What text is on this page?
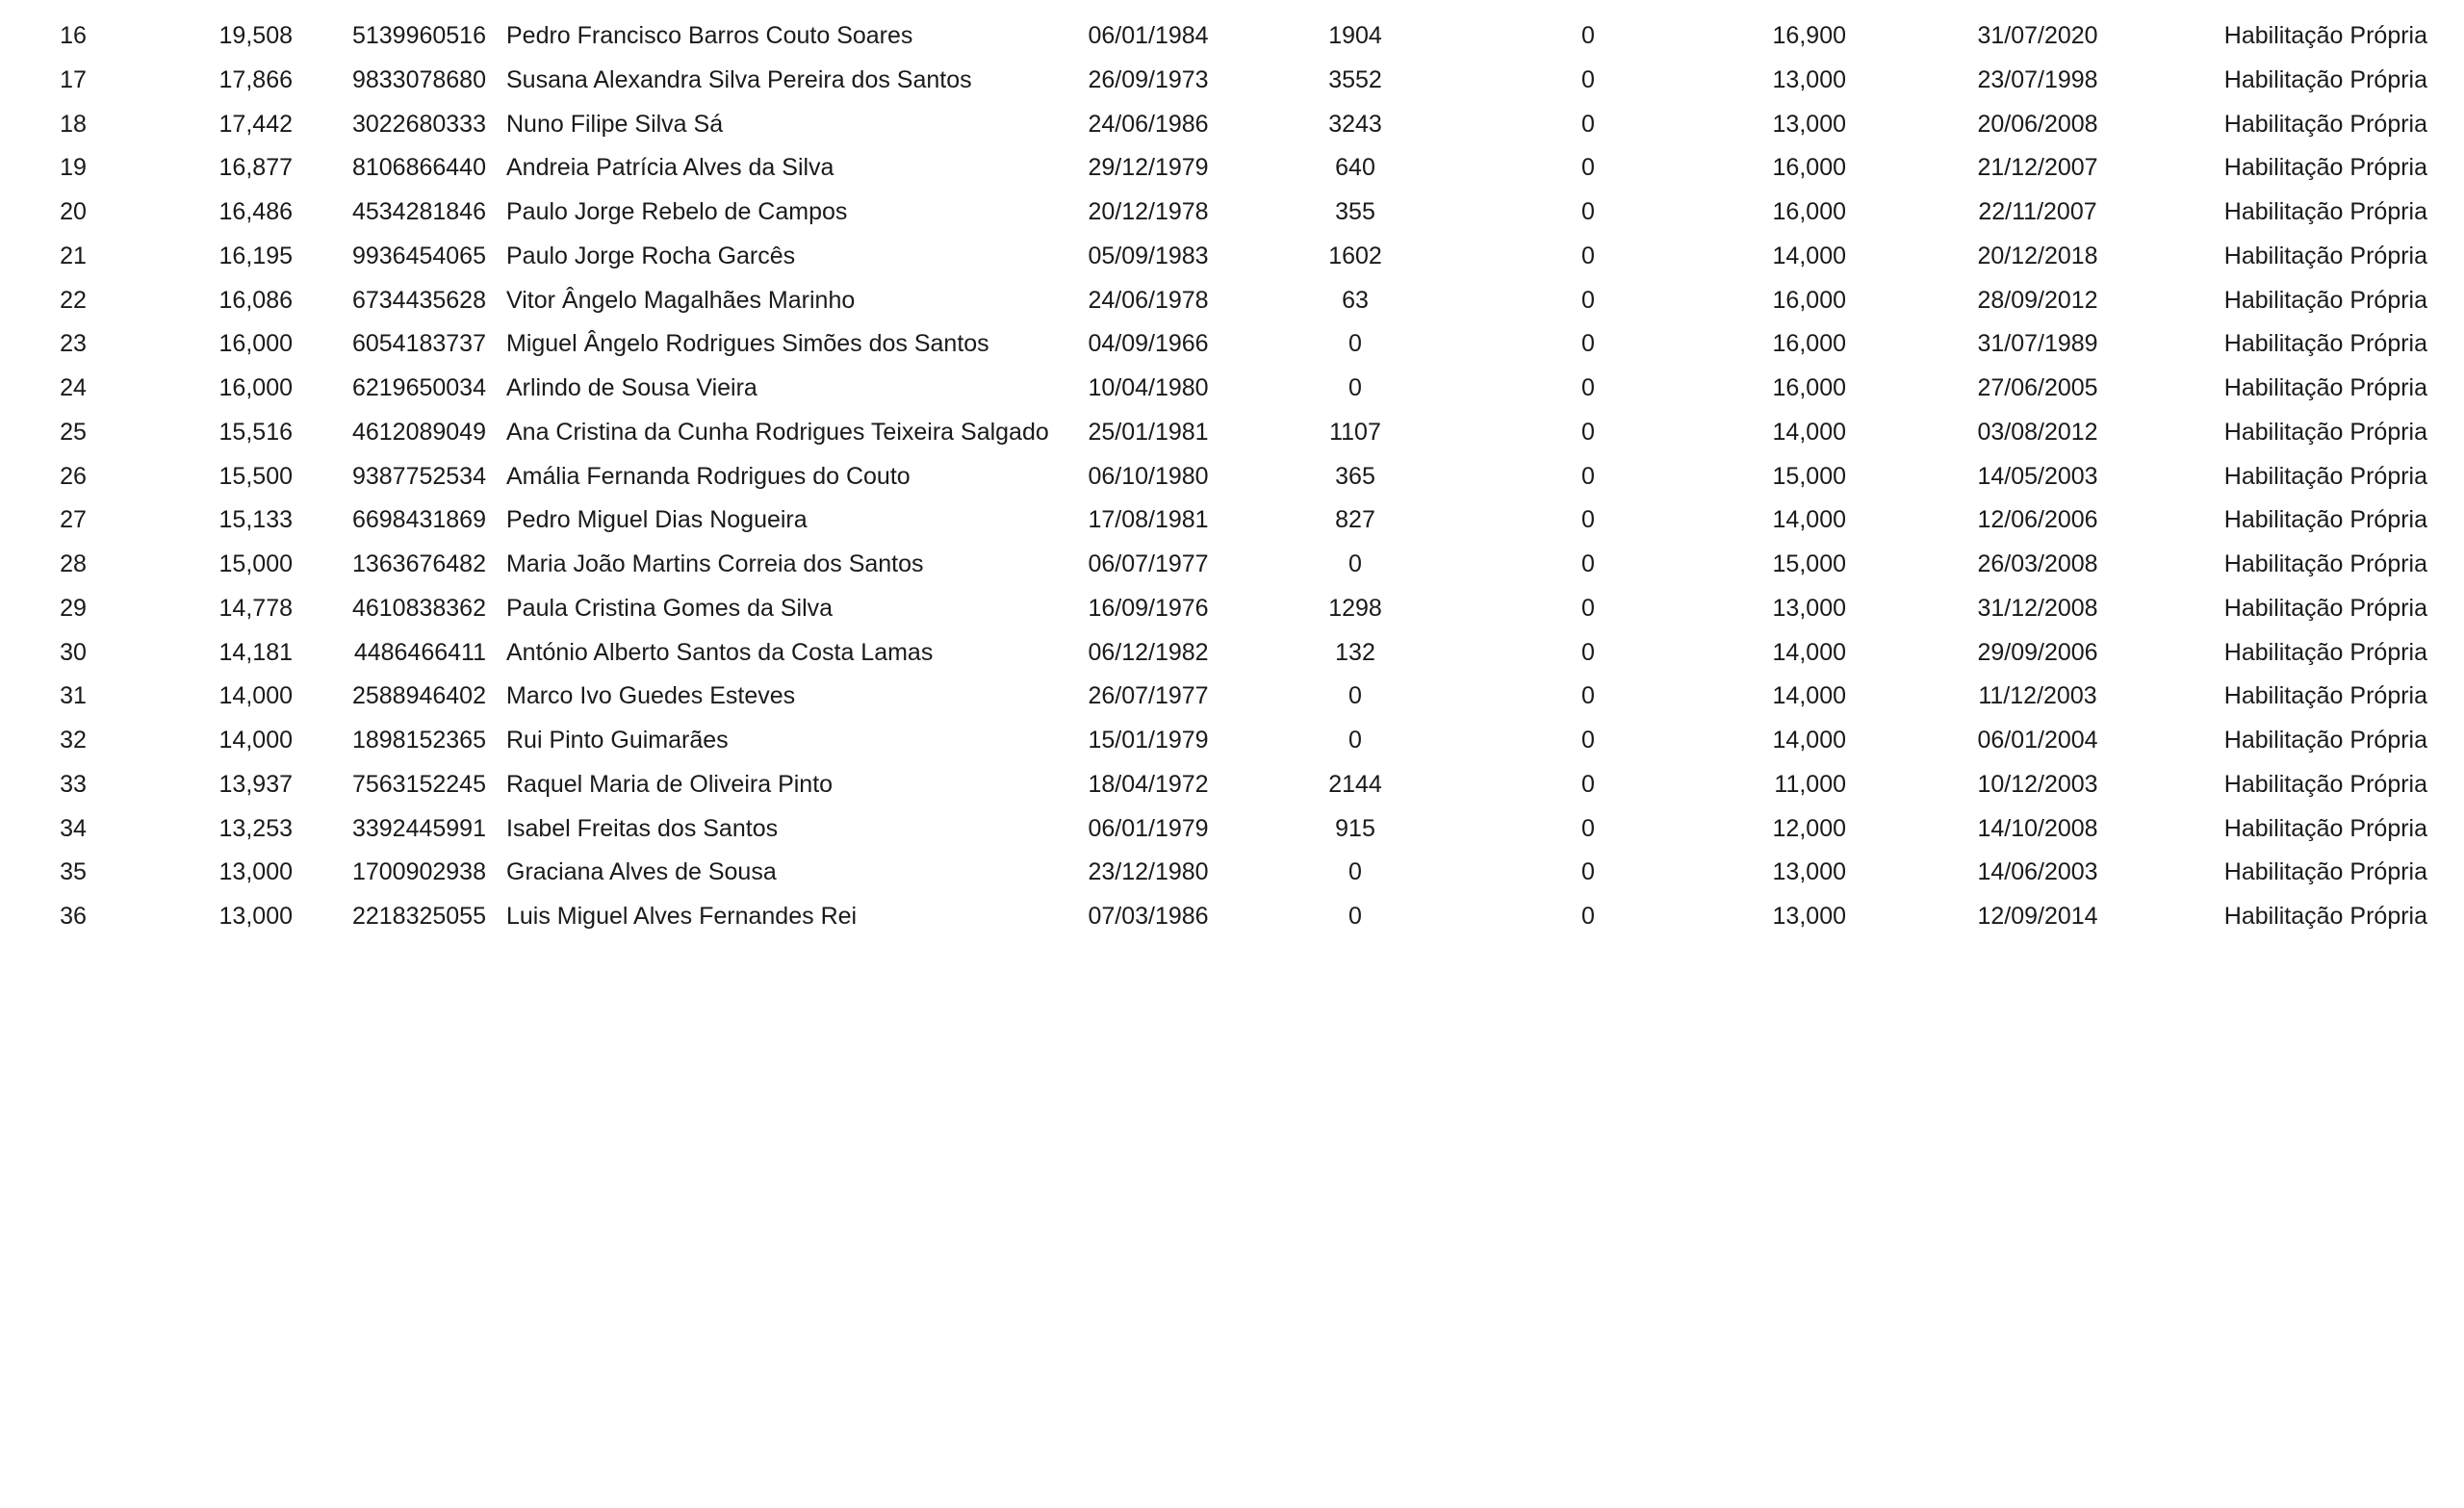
16	19,508	5139960516 Pedro Francisco Barros Couto Soares	06/01/1984	1904	0	16,900	31/07/2020	Habilitação Própria
17	17,866	9833078680 Susana Alexandra Silva Pereira dos Santos	26/09/1973	3552	0	13,000	23/07/1998	Habilitação Própria
18	17,442	3022680333 Nuno Filipe Silva Sá	24/06/1986	3243	0	13,000	20/06/2008	Habilitação Própria
19	16,877	8106866440 Andreia Patrícia Alves da Silva	29/12/1979	640	0	16,000	21/12/2007	Habilitação Própria
20	16,486	4534281846 Paulo Jorge Rebelo de Campos	20/12/1978	355	0	16,000	22/11/2007	Habilitação Própria
21	16,195	9936454065 Paulo Jorge Rocha Garcês	05/09/1983	1602	0	14,000	20/12/2018	Habilitação Própria
22	16,086	6734435628 Vitor Ângelo Magalhães Marinho	24/06/1978	63	0	16,000	28/09/2012	Habilitação Própria
23	16,000	6054183737 Miguel Ângelo Rodrigues Simões dos Santos	04/09/1966	0	0	16,000	31/07/1989	Habilitação Própria
24	16,000	6219650034 Arlindo de Sousa Vieira	10/04/1980	0	0	16,000	27/06/2005	Habilitação Própria
25	15,516	4612089049 Ana Cristina da Cunha Rodrigues Teixeira Salgado	25/01/1981	1107	0	14,000	03/08/2012	Habilitação Própria
26	15,500	9387752534 Amália Fernanda Rodrigues do Couto	06/10/1980	365	0	15,000	14/05/2003	Habilitação Própria
27	15,133	6698431869 Pedro Miguel Dias Nogueira	17/08/1981	827	0	14,000	12/06/2006	Habilitação Própria
28	15,000	1363676482 Maria João Martins Correia dos Santos	06/07/1977	0	0	15,000	26/03/2008	Habilitação Própria
29	14,778	4610838362 Paula Cristina Gomes da Silva	16/09/1976	1298	0	13,000	31/12/2008	Habilitação Própria
30	14,181	4486466411 António Alberto Santos da Costa Lamas	06/12/1982	132	0	14,000	29/09/2006	Habilitação Própria
31	14,000	2588946402 Marco Ivo Guedes Esteves	26/07/1977	0	0	14,000	11/12/2003	Habilitação Própria
32	14,000	1898152365 Rui Pinto Guimarães	15/01/1979	0	0	14,000	06/01/2004	Habilitação Própria
33	13,937	7563152245 Raquel Maria de Oliveira Pinto	18/04/1972	2144	0	11,000	10/12/2003	Habilitação Própria
34	13,253	3392445991 Isabel Freitas dos Santos	06/01/1979	915	0	12,000	14/10/2008	Habilitação Própria
35	13,000	1700902938 Graciana Alves de Sousa	23/12/1980	0	0	13,000	14/06/2003	Habilitação Própria
36	13,000	2218325055 Luis Miguel Alves Fernandes Rei	07/03/1986	0	0	13,000	12/09/2014	Habilitação Própria
